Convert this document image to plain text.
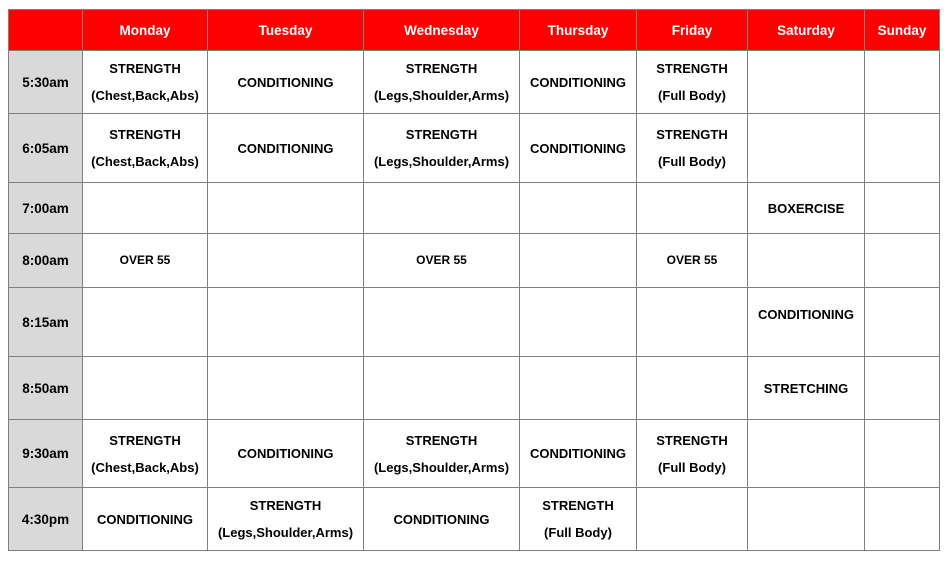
	Monday	Tuesday	Wednesday	Thursday	Friday	Saturday	Sunday
5:30am	STRENGTH
(Chest,Back,Abs)	CONDITIONING	STRENGTH
(Legs,Shoulder,Arms)	CONDITIONING	STRENGTH
(Full Body)		

6:05am	STRENGTH
(Chest,Back,Abs)	CONDITIONING	STRENGTH
(Legs,Shoulder,Arms)	CONDITIONING	STRENGTH
(Full Body)		

7:00am						BOXERCISE	

8:00am	OVER 55		OVER 55		OVER 55		

8:15am						CONDITIONING	

8:50am						STRETCHING	

9:30am	STRENGTH
(Chest,Back,Abs)	CONDITIONING	STRENGTH
(Legs,Shoulder,Arms)	CONDITIONING	STRENGTH
(Full Body)		

4:30pm	CONDITIONING	STRENGTH
(Legs,Shoulder,Arms)	CONDITIONING	STRENGTH
(Full Body)			
